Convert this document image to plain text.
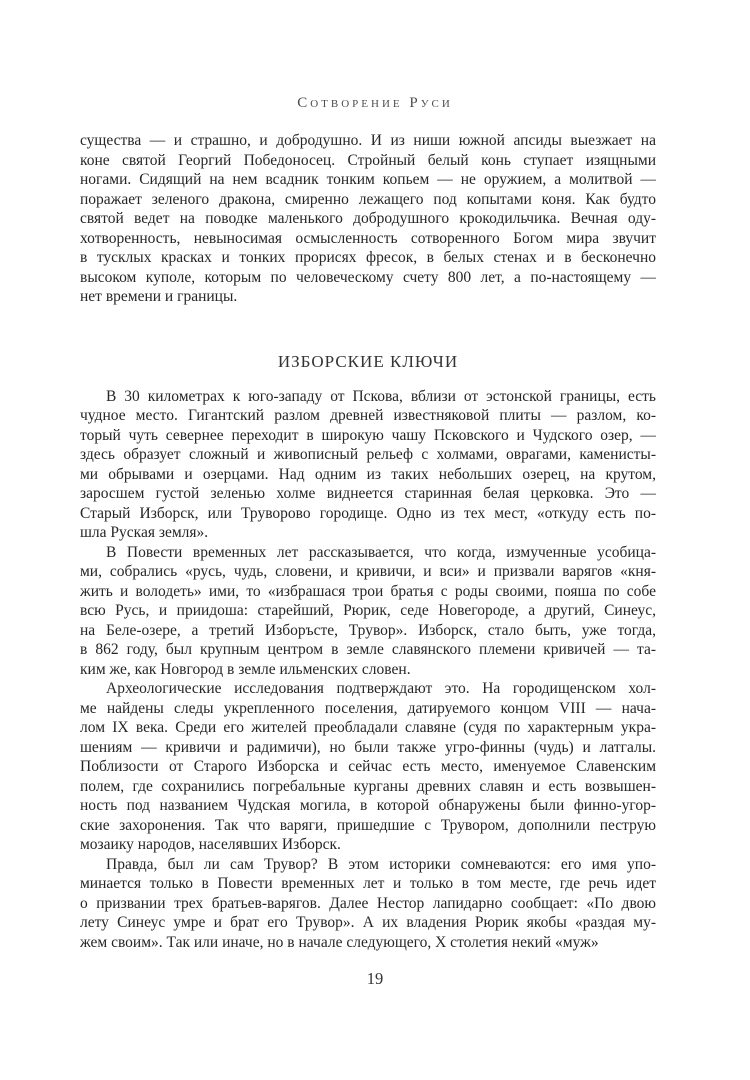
Сотворение Руси

существа — и страшно, и добродушно. И из ниши южной апсиды выезжает на
коне святой Георгий Победоносец. Стройный белый конь ступает изящными
ногами. Сидящий на нем всадник тонким копьем — не оружием, а молитвой —
поражает зеленого дракона, смиренно лежащего под копытами коня. Как будто
святой ведет на поводке маленького добродушного крокодильчика. Вечная оду-
хотворенность, невыносимая осмысленность сотворенного Богом мира звучит
в тусклых красках и тонких прорисях фресок, в белых стенах и в бесконечно
высоком куполе, которым по человеческому счету 800 лет, а по-настоящему —
нет времени и границы.

ИЗБОРСКИЕ КЛЮЧИ

В 30 километрах к юго-западу от Пскова, вблизи от эстонской границы, есть
чудное место. Гигантский разлом древней известняковой плиты — разлом, ко-
торый чуть севернее переходит в широкую чашу Псковского и Чудского озер, —
здесь образует сложный и живописный рельеф с холмами, оврагами, каменисты-
ми обрывами и озерцами. Над одним из таких небольших озерец, на крутом,
заросшем густой зеленью холме виднеется старинная белая церковка. Это —
Старый Изборск, или Труворово городище. Одно из тех мест, «откуду есть по-
шла Руская земля».

В Повести временных лет рассказывается, что когда, измученные усобица-
ми, собрались «русь, чудь, словени, и кривичи, и вси» и призвали варягов «кня-
жить и володеть» ими, то «избрашася трои братья с роды своими, пояша по собе
всю Русь, и приидоша: старейший, Рюрик, седе Новегороде, а другий, Синеус,
на Беле-озере, а третий Изборъсте, Трувор». Изборск, стало быть, уже тогда,
в 862 году, был крупным центром в земле славянского племени кривичей — та-
ким же, как Новгород в земле ильменских словен.

Археологические исследования подтверждают это. На городищенском хол-
ме найдены следы укрепленного поселения, датируемого концом VIII — нача-
лом IX века. Среди его жителей преобладали славяне (судя по характерным укра-
шениям — кривичи и радимичи), но были также угро-финны (чудь) и латгалы.
Поблизости от Старого Изборска и сейчас есть место, именуемое Славенским
полем, где сохранились погребальные курганы древних славян и есть возвышен-
ность под названием Чудская могила, в которой обнаружены были финно-угор-
ские захоронения. Так что варяги, пришедшие с Трувором, дополнили пеструю
мозаику народов, населявших Изборск.

Правда, был ли сам Трувор? В этом историки сомневаются: его имя упо-
минается только в Повести временных лет и только в том месте, где речь идет
о призвании трех братьев-варягов. Далее Нестор лапидарно сообщает: «По двою
лету Синеус умре и брат его Трувор». А их владения Рюрик якобы «раздая му-
жем своим». Так или иначе, но в начале следующего, X столетия некий «муж»

19
